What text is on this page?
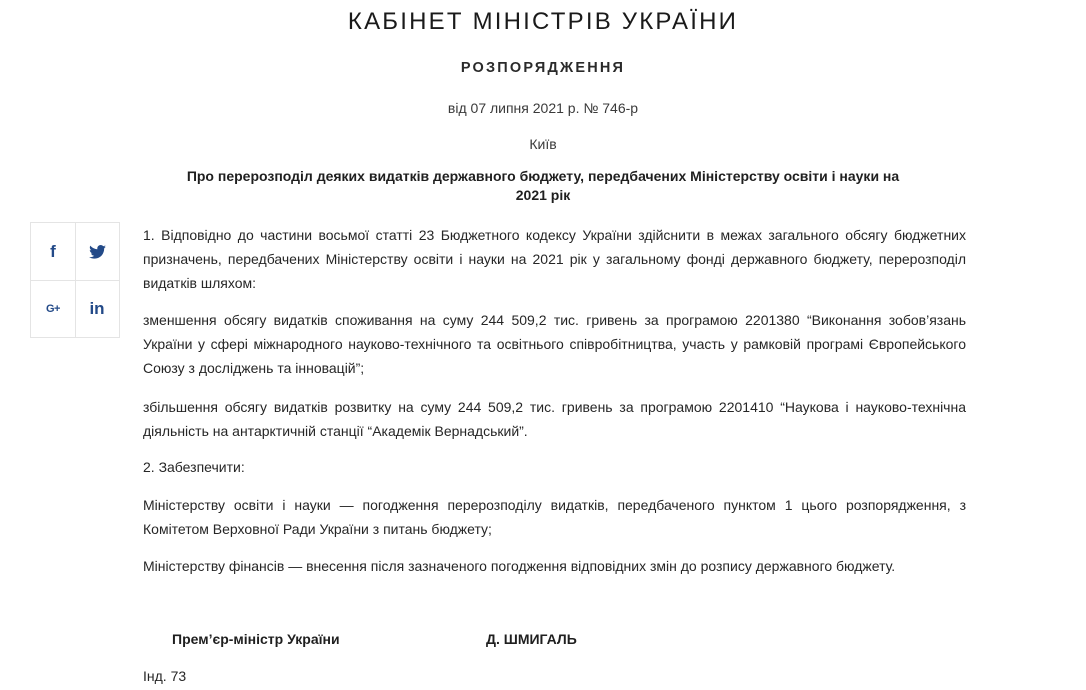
КАБІНЕТ МІНІСТРІВ УКРАЇНИ
РОЗПОРЯДЖЕННЯ
від 07 липня 2021 р. № 746-р
Київ
Про перерозподіл деяких видатків державного бюджету, передбачених Міністерству освіти і науки на 2021 рік
f
G+ in
1. Відповідно до частини восьмої статті 23 Бюджетного кодексу України здійснити в межах загального обсягу бюджетних призначень, передбачених Міністерству освіти і науки на 2021 рік у загальному фонді державного бюджету, перерозподіл видатків шляхом:
зменшення обсягу видатків споживання на суму 244 509,2 тис. гривень за програмою 2201380 “Виконання зобов’язань України у сфері міжнародного науково-технічного та освітнього співробітництва, участь у рамковій програмі Європейського Союзу з досліджень та інновацій”;
збільшення обсягу видатків розвитку на суму 244 509,2 тис. гривень за програмою 2201410 “Наукова і науково-технічна діяльність на антарктичній станції “Академік Вернадський”.
2. Забезпечити:
Міністерству освіти і науки — погодження перерозподілу видатків, передбаченого пунктом 1 цього розпорядження, з Комітетом Верховної Ради України з питань бюджету;
Міністерству фінансів — внесення після зазначеного погодження відповідних змін до розпису державного бюджету.
Прем’єр-міністр України	Д. ШМИГАЛЬ
Інд. 73
